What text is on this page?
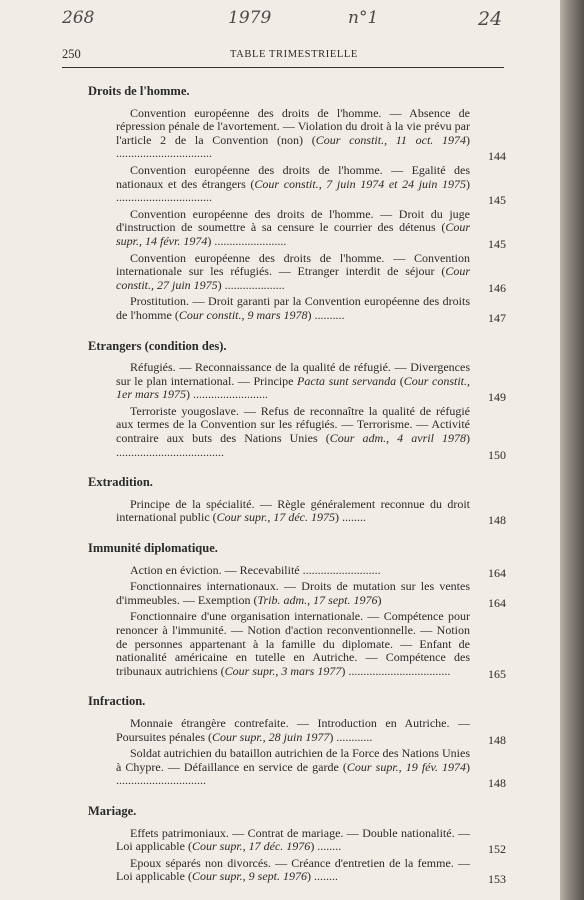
268	1979	n°1	24
250	TABLE TRIMESTRIELLE
Droits de l'homme.
Convention européenne des droits de l'homme. — Absence de répression pénale de l'avortement. — Violation du droit à la vie prévu par l'article 2 de la Convention (non) (Cour constit., 11 oct. 1974) ................................	144
Convention européenne des droits de l'homme. — Egalité des nationaux et des étrangers (Cour constit., 7 juin 1974 et 24 juin 1975) ................................	145
Convention européenne des droits de l'homme. — Droit du juge d'instruction de soumettre à sa censure le courrier des détenus (Cour supr., 14 févr. 1974) ........................	145
Convention européenne des droits de l'homme. — Convention internationale sur les réfugiés. — Etranger interdit de séjour (Cour constit., 27 juin 1975) ....................	146
Prostitution. — Droit garanti par la Convention européenne des droits de l'homme (Cour constit., 9 mars 1978) ..........	147
Etrangers (condition des).
Réfugiés. — Reconnaissance de la qualité de réfugié. — Divergences sur le plan international. — Principe Pacta sunt servanda (Cour constit., 1er mars 1975) .........................	149
Terroriste yougoslave. — Refus de reconnaître la qualité de réfugié aux termes de la Convention sur les réfugiés. — Terrorisme. — Activité contraire aux buts des Nations Unies (Cour adm., 4 avril 1978) ....................................	150
Extradition.
Principe de la spécialité. — Règle généralement reconnue du droit international public (Cour supr., 17 déc. 1975) ........	148
Immunité diplomatique.
Action en éviction. — Recevabilité ..........................	164
Fonctionnaires internationaux. — Droits de mutation sur les ventes d'immeubles. — Exemption (Trib. adm., 17 sept. 1976)	164
Fonctionnaire d'une organisation internationale. — Compétence pour renoncer à l'immunité. — Notion d'action reconventionnelle. — Notion de personnes appartenant à la famille du diplomate. — Enfant de nationalité américaine en tutelle en Autriche. — Compétence des tribunaux autrichiens (Cour supr., 3 mars 1977) ..................................	165
Infraction.
Monnaie étrangère contrefaite. — Introduction en Autriche. — Poursuites pénales (Cour supr., 28 juin 1977) ............	148
Soldat autrichien du bataillon autrichien de la Force des Nations Unies à Chypre. — Défaillance en service de garde (Cour supr., 19 fév. 1974) ..............................	148
Mariage.
Effets patrimoniaux. — Contrat de mariage. — Double nationalité. — Loi applicable (Cour supr., 17 déc. 1976) ........	152
Epoux séparés non divorcés. — Créance d'entretien de la femme. — Loi applicable (Cour supr., 9 sept. 1976) ........	153
